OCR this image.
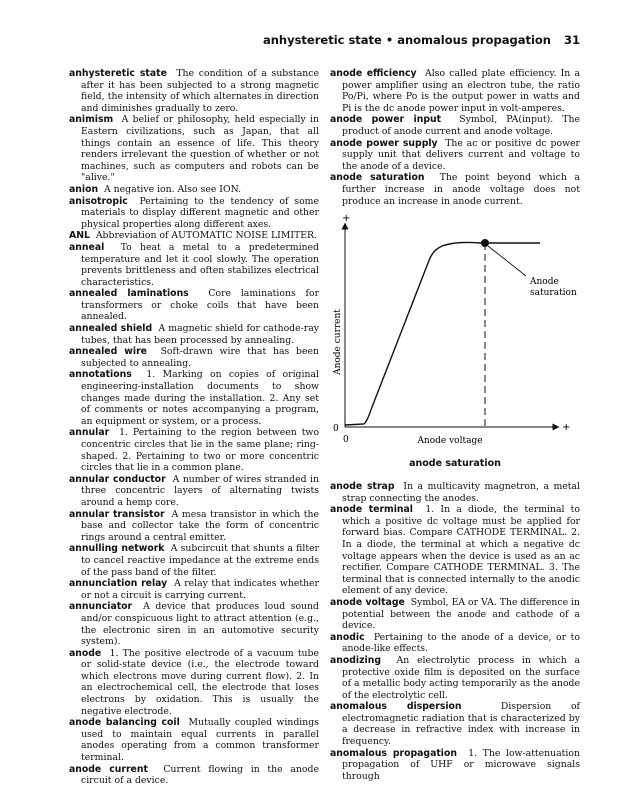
anhysteretic state • anomalous propagation 31

anhysteretic state The condition of a substance after it has been subjected to a strong magnetic field, the intensity of which alternates in direction and diminishes gradually to zero.

animism A belief or philosophy, held especially in Eastern civilizations, such as Japan, that all things contain an essence of life. This theory renders irrelevant the question of whether or not machines, such as computers and robots can be "alive."

anion A negative ion. Also see ION.

anisotropic Pertaining to the tendency of some materials to display different magnetic and other physical properties along different axes.

ANL Abbreviation of AUTOMATIC NOISE LIMITER.

anneal To heat a metal to a predetermined temperature and let it cool slowly. The operation prevents brittleness and often stabilizes electrical characteristics.

annealed laminations Core laminations for transformers or choke coils that have been annealed.

annealed shield A magnetic shield for cathode-ray tubes, that has been processed by annealing.

annealed wire Soft-drawn wire that has been subjected to annealing.

annotations 1. Marking on copies of original engineering-installation documents to show changes made during the installation. 2. Any set of comments or notes accompanying a program, an equipment or system, or a process.

annular 1. Pertaining to the region between two concentric circles that lie in the same plane; ring-shaped. 2. Pertaining to two or more concentric circles that lie in a common plane.

annular conductor A number of wires stranded in three concentric layers of alternating twists around a hemp core.

annular transistor A mesa transistor in which the base and collector take the form of concentric rings around a central emitter.

annulling network A subcircuit that shunts a filter to cancel reactive impedance at the extreme ends of the pass band of the filter.

annunciation relay A relay that indicates whether or not a circuit is carrying current.

annunciator A device that produces loud sound and/or conspicuous light to attract attention (e.g., the electronic siren in an automotive security system).

anode 1. The positive electrode of a vacuum tube or solid-state device (i.e., the electrode toward which electrons move during current flow). 2. In an electrochemical cell, the electrode that loses electrons by oxidation. This is usually the negative electrode.

anode balancing coil Mutually coupled windings used to maintain equal currents in parallel anodes operating from a common transformer terminal.

anode current Current flowing in the anode circuit of a device.

anode efficiency Also called plate efficiency. In a power amplifier using an electron tube, the ratio Po/Pi, where Po is the output power in watts and Pi is the dc anode power input in volt-amperes.

anode power input Symbol, PA(input). The product of anode current and anode voltage.

anode power supply The ac or positive dc power supply unit that delivers current and voltage to the anode of a device.

anode saturation The point beyond which a further increase in anode voltage does not produce an increase in anode current.

+
+
0
0
Anode current
Anode voltage
Anode
saturation
anode saturation

anode strap In a multicavity magnetron, a metal strap connecting the anodes.

anode terminal 1. In a diode, the terminal to which a positive dc voltage must be applied for forward bias. Compare CATHODE TERMINAL. 2. In a diode, the terminal at which a negative dc voltage appears when the device is used as an ac rectifier. Compare CATHODE TERMINAL. 3. The terminal that is connected internally to the anodic element of any device.

anode voltage Symbol, EA or VA. The difference in potential between the anode and cathode of a device.

anodic Pertaining to the anode of a device, or to anode-like effects.

anodizing An electrolytic process in which a protective oxide film is deposited on the surface of a metallic body acting temporarily as the anode of the electrolytic cell.

anomalous dispersion	Dispersion of electromagnetic radiation that is characterized by a decrease in refractive index with increase in frequency.

anomalous propagation 1. The low-attenuation propagation of UHF or microwave signals through
